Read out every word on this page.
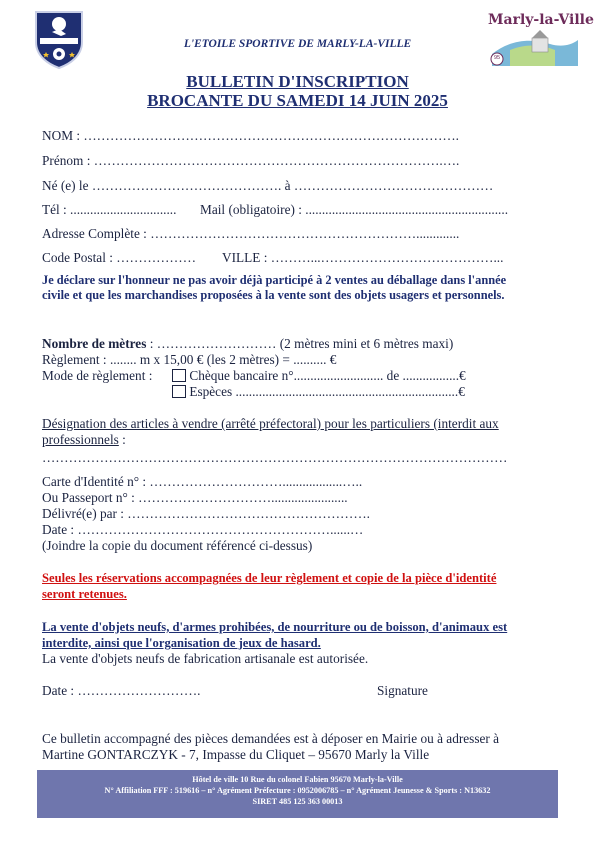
Marly-la-Ville
95
L'ETOILE SPORTIVE DE MARLY-LA-VILLE
BULLETIN D'INSCRIPTION
BROCANTE DU SAMEDI 14 JUIN 2025
NOM : ………………………………………………………………………….
Prénom : …………………………………………………………………….….
Né (e) le ……………………………………. à ………………………………………
Tél : ................................ Mail (obligatoire) : .............................................................
Adresse Complète : …………………………………………………….............
Code Postal : ……………… VILLE : ………...…………………………………...
Je déclare sur l'honneur ne pas avoir déjà participé à 2 ventes au déballage dans l'année civile et que les marchandises proposées à la vente sont des objets usagers et personnels.
Nombre de mètres : ……………………… (2 mètres mini et 6 mètres maxi)
Règlement : ........ m x 15,00 € (les 2 mètres) = .......... €
Mode de règlement :	Chèque bancaire n°........................... de .................€
Espèces ...................................................................€
Désignation des articles à vendre (arrêté préfectoral) pour les particuliers (interdit aux professionnels :
……………………………………………………………………………………………
Carte d'Identité n° : …………………………..................…..
Ou Passeport n° : ………………………….......................
Délivré(e) par : ……………………………………………….
Date : …………………………………………………......…
(Joindre la copie du document référencé ci-dessus)
Seules les réservations accompagnées de leur règlement et copie de la pièce d'identité seront retenues.
La vente d'objets neufs, d'armes prohibées, de nourriture ou de boisson, d'animaux est interdite, ainsi que l'organisation de jeux de hasard.
La vente d'objets neufs de fabrication artisanale est autorisée.
Date : ……………………….	Signature
Ce bulletin accompagné des pièces demandées est à déposer en Mairie ou à adresser à
Martine GONTARCZYK - 7, Impasse du Cliquet – 95670 Marly la Ville
Hôtel de ville 10 Rue du colonel Fabien 95670 Marly-la-Ville
N° Affiliation FFF : 519616 – n° Agrément Préfecture : 0952006785 – n° Agrément Jeunesse & Sports : N13632
SIRET 485 125 363 00013
